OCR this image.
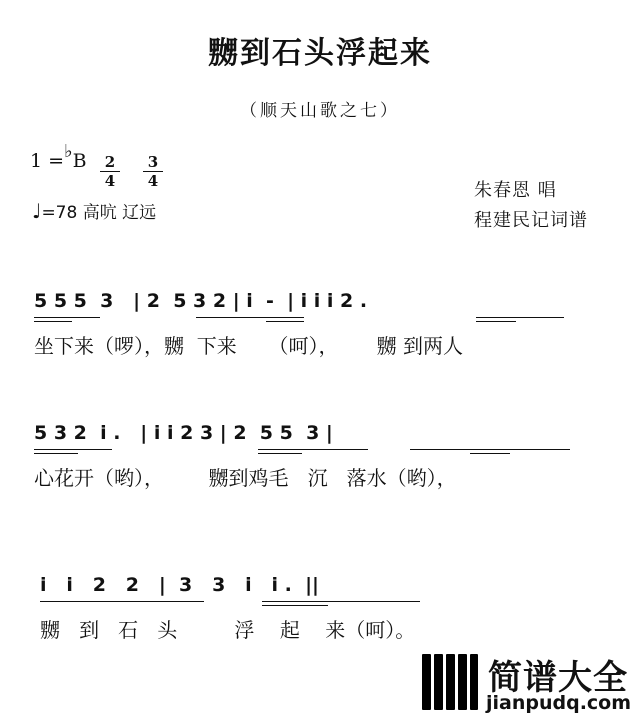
嬲到石头浮起来
（顺天山歌之七）
1 =♭B	2
4
3
4
♩=78 高吭 辽远
朱春恩 唱
程建民记词谱
5 5 5  3   | 2  5 3 2 | i  -  | i i i 2 .
坐下来（啰），嬲  下来     （呵），      嬲 到两人
5 3 2  i .   | i i 2 3 | 2  5 5  3 |
心花开（哟），       嬲到鸡毛   沉   落水（哟），
i   i   2   2   |  3   3   i   i .  ||
嬲   到   石   头         浮    起    来（呵）。
简谱大全
jianpudq.com
